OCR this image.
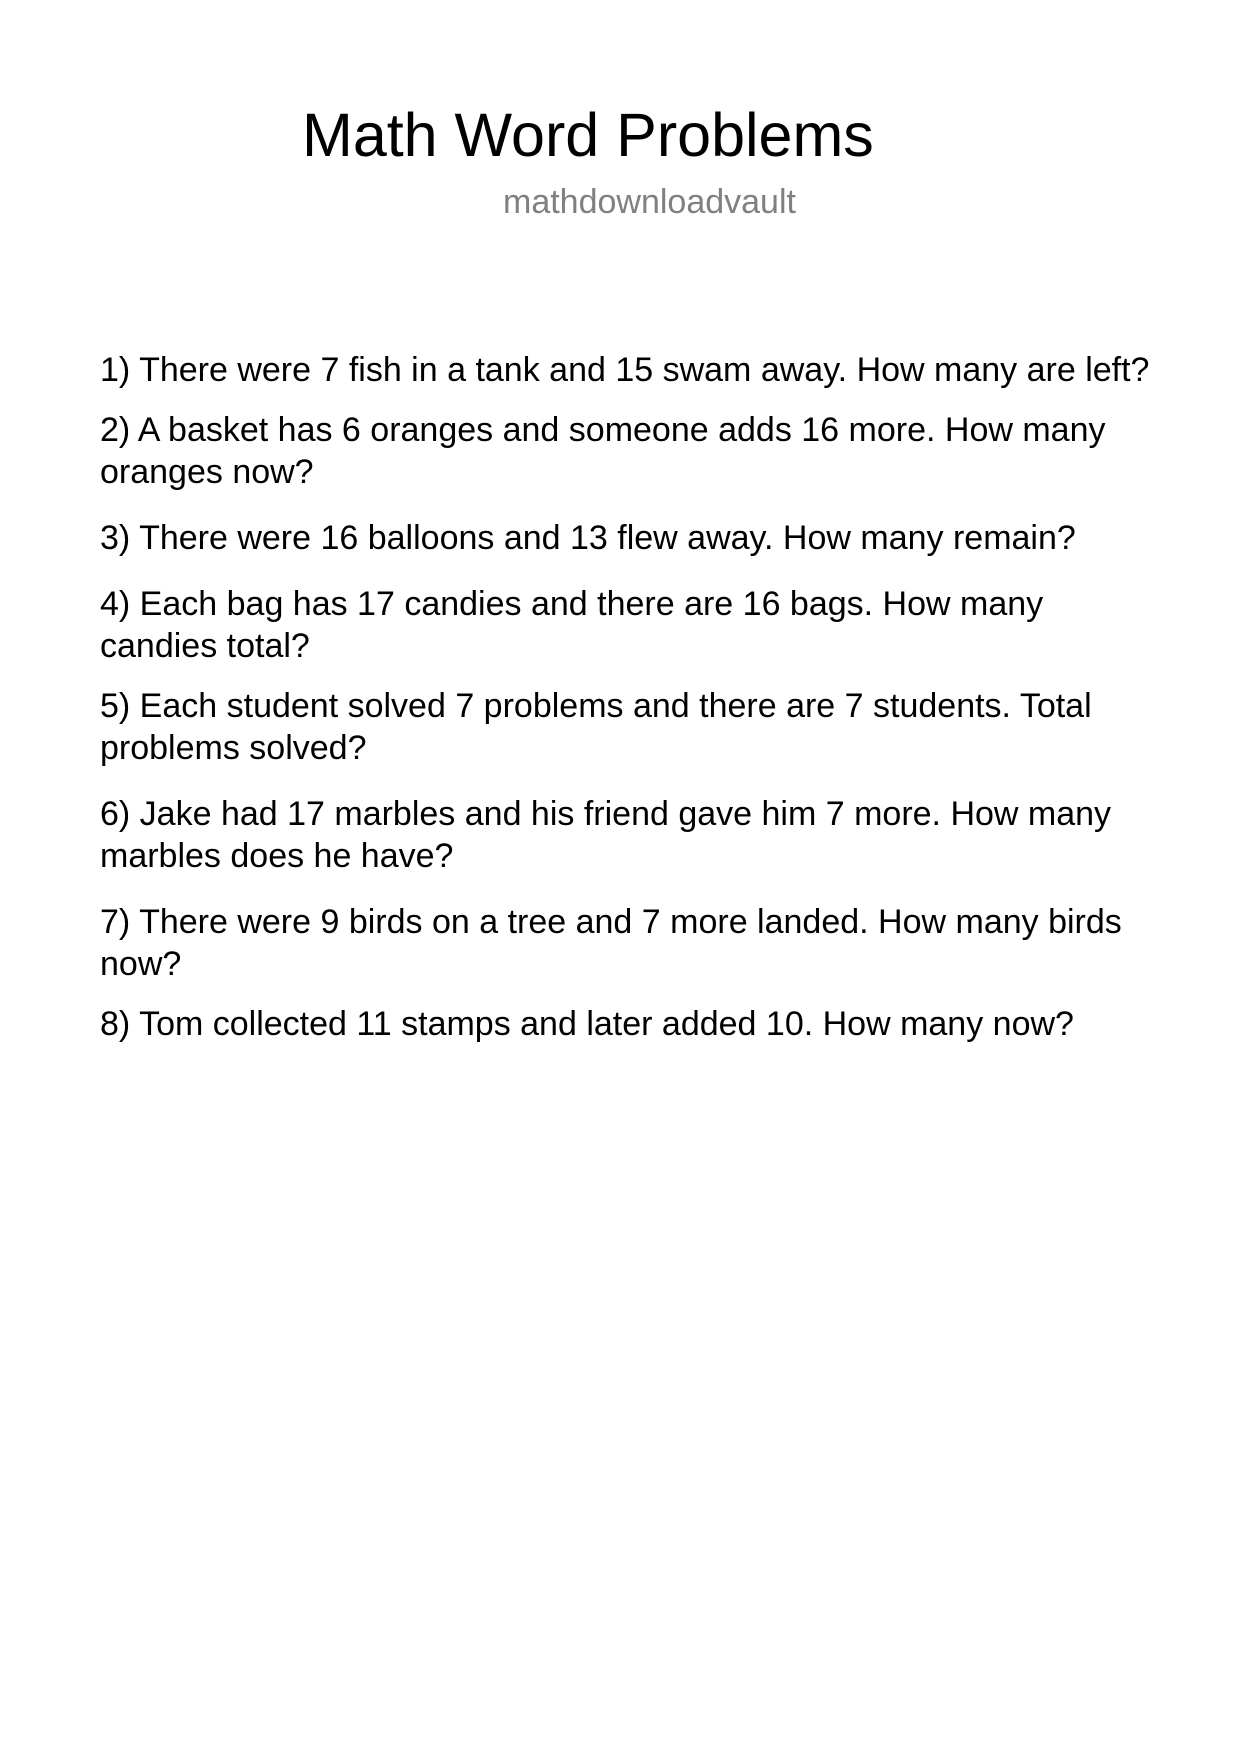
Math Word Problems
mathdownloadvault
1) There were 7 fish in a tank and 15 swam away. How many are left?
2) A basket has 6 oranges and someone adds 16 more. How many oranges now?
3) There were 16 balloons and 13 flew away. How many remain?
4) Each bag has 17 candies and there are 16 bags. How many candies total?
5) Each student solved 7 problems and there are 7 students. Total problems solved?
6) Jake had 17 marbles and his friend gave him 7 more. How many marbles does he have?
7) There were 9 birds on a tree and 7 more landed. How many birds now?
8) Tom collected 11 stamps and later added 10. How many now?
